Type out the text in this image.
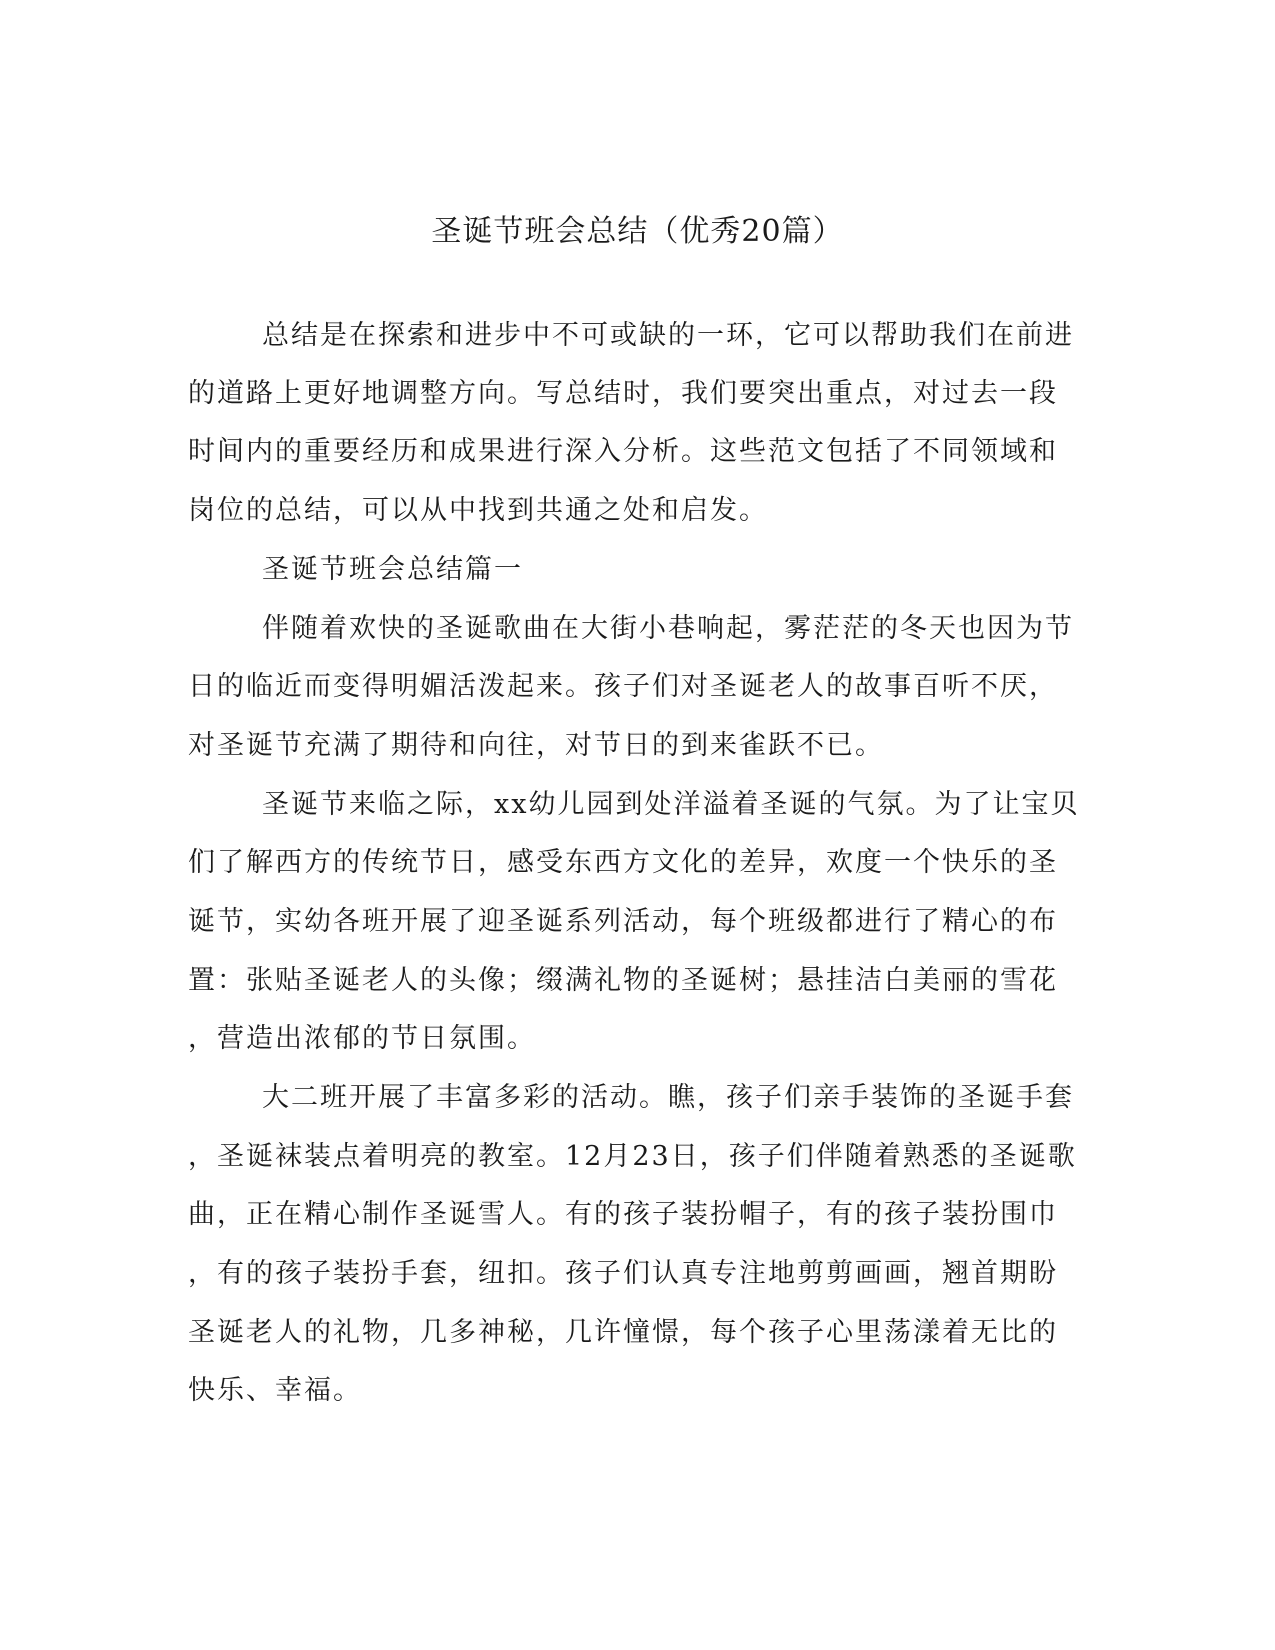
圣诞节班会总结（优秀20篇）
总结是在探索和进步中不可或缺的一环，它可以帮助我们在前进
的道路上更好地调整方向。写总结时，我们要突出重点，对过去一段
时间内的重要经历和成果进行深入分析。这些范文包括了不同领域和
岗位的总结，可以从中找到共通之处和启发。
圣诞节班会总结篇一
伴随着欢快的圣诞歌曲在大街小巷响起，雾茫茫的冬天也因为节
日的临近而变得明媚活泼起来。孩子们对圣诞老人的故事百听不厌，
对圣诞节充满了期待和向往，对节日的到来雀跃不已。
圣诞节来临之际，xx幼儿园到处洋溢着圣诞的气氛。为了让宝贝
们了解西方的传统节日，感受东西方文化的差异，欢度一个快乐的圣
诞节，实幼各班开展了迎圣诞系列活动，每个班级都进行了精心的布
置：张贴圣诞老人的头像；缀满礼物的圣诞树；悬挂洁白美丽的雪花
，营造出浓郁的节日氛围。
大二班开展了丰富多彩的活动。瞧，孩子们亲手装饰的圣诞手套
，圣诞袜装点着明亮的教室。12月23日，孩子们伴随着熟悉的圣诞歌
曲，正在精心制作圣诞雪人。有的孩子装扮帽子，有的孩子装扮围巾
，有的孩子装扮手套，纽扣。孩子们认真专注地剪剪画画，翘首期盼
圣诞老人的礼物，几多神秘，几许憧憬，每个孩子心里荡漾着无比的
快乐、幸福。
